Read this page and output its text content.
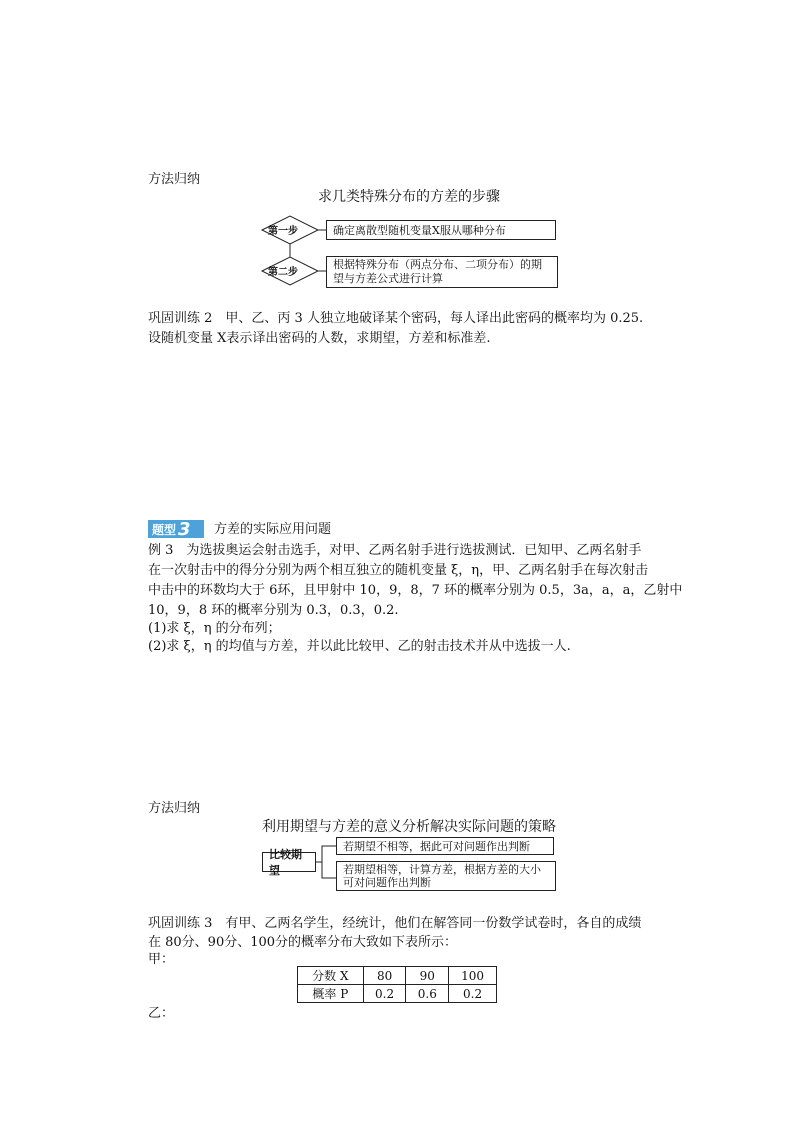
方法归纳
求几类特殊分布的方差的步骤
第一步
第二步
确定离散型随机变量X服从哪种分布
根据特殊分布（两点分布、二项分布）的期
望与方差公式进行计算
巩固训练 2　甲、乙、丙 3 人独立地破译某个密码，每人译出此密码的概率均为 0.25.
设随机变量 X表示译出密码的人数，求期望，方差和标准差.
题型 3 方差的实际应用问题
例 3　为选拔奥运会射击选手，对甲、乙两名射手进行选拔测试．已知甲、乙两名射手
在一次射击中的得分分别为两个相互独立的随机变量 ξ，η，甲、乙两名射手在每次射击
中击中的环数均大于 6环，且甲射中 10，9，8，7 环的概率分别为 0.5，3a，a，a，乙射中
10，9，8 环的概率分别为 0.3，0.3，0.2.
(1)求 ξ，η 的分布列；
(2)求 ξ，η 的均值与方差，并以此比较甲、乙的射击技术并从中选拔一人.
方法归纳
利用期望与方差的意义分析解决实际问题的策略
比较期望
若期望不相等，据此可对问题作出判断
若期望相等，计算方差，根据方差的大小
可对问题作出判断
巩固训练 3　有甲、乙两名学生，经统计，他们在解答同一份数学试卷时，各自的成绩
在 80分、90分、100分的概率分布大致如下表所示：
甲：
分数 X	80	90	100
概率 P	0.2	0.6	0.2
乙：
